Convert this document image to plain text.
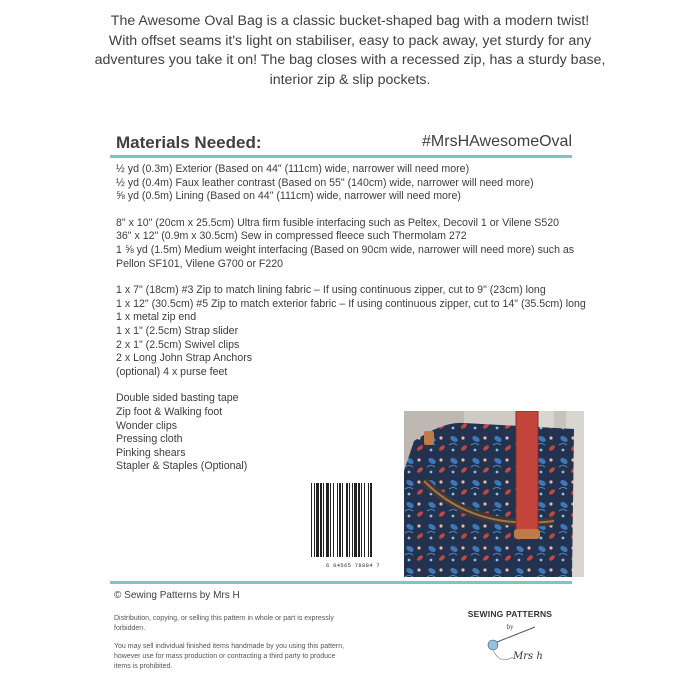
The Awesome Oval Bag is a classic bucket-shaped bag with a modern twist!

With offset seams it's light on stabiliser, easy to pack away, yet sturdy for any adventures you take it on! The bag closes with a recessed zip, has a sturdy base, interior zip & slip pockets.

Materials Needed:	#MrsHAwesomeOval

½ yd (0.3m) Exterior (Based on 44" (111cm) wide, narrower will need more)

½ yd (0.4m) Faux leather contrast (Based on 55" (140cm) wide, narrower will need more)

⅝ yd (0.5m) Lining (Based on 44" (111cm) wide, narrower will need more)

8" x 10" (20cm x 25.5cm) Ultra firm fusible interfacing such as Peltex, Decovil 1 or Vilene S520

36" x 12" (0.9m x 30.5cm) Sew in compressed fleece such Thermolam 272

1 ⅝ yd (1.5m) Medium weight interfacing (Based on 90cm wide, narrower will need more) such as Pellon SF101, Vilene G700 or F220

1 x 7" (18cm) #3 Zip to match lining fabric – If using continuous zipper, cut to 9" (23cm) long

1 x 12" (30.5cm) #5 Zip to match exterior fabric – If using continuous zipper, cut to 14" (35.5cm) long

1 x metal zip end

1 x 1" (2.5cm) Strap slider

2 x 1" (2.5cm) Swivel clips

2 x Long John Strap Anchors

(optional) 4 x purse feet

Double sided basting tape

Zip foot & Walking foot

Wonder clips

Pressing cloth

Pinking shears

Stapler & Staples (Optional)

6 04565 78884 7
© Sewing Patterns by Mrs H
Distribution, copying, or selling this pattern in whole or part is expressly forbidden.
You may sell individual finished items handmade by you using this pattern, however use for mass production or contracting a third party to produce items is prohibited.
SEWING PATTERNS
by
Mrs h
